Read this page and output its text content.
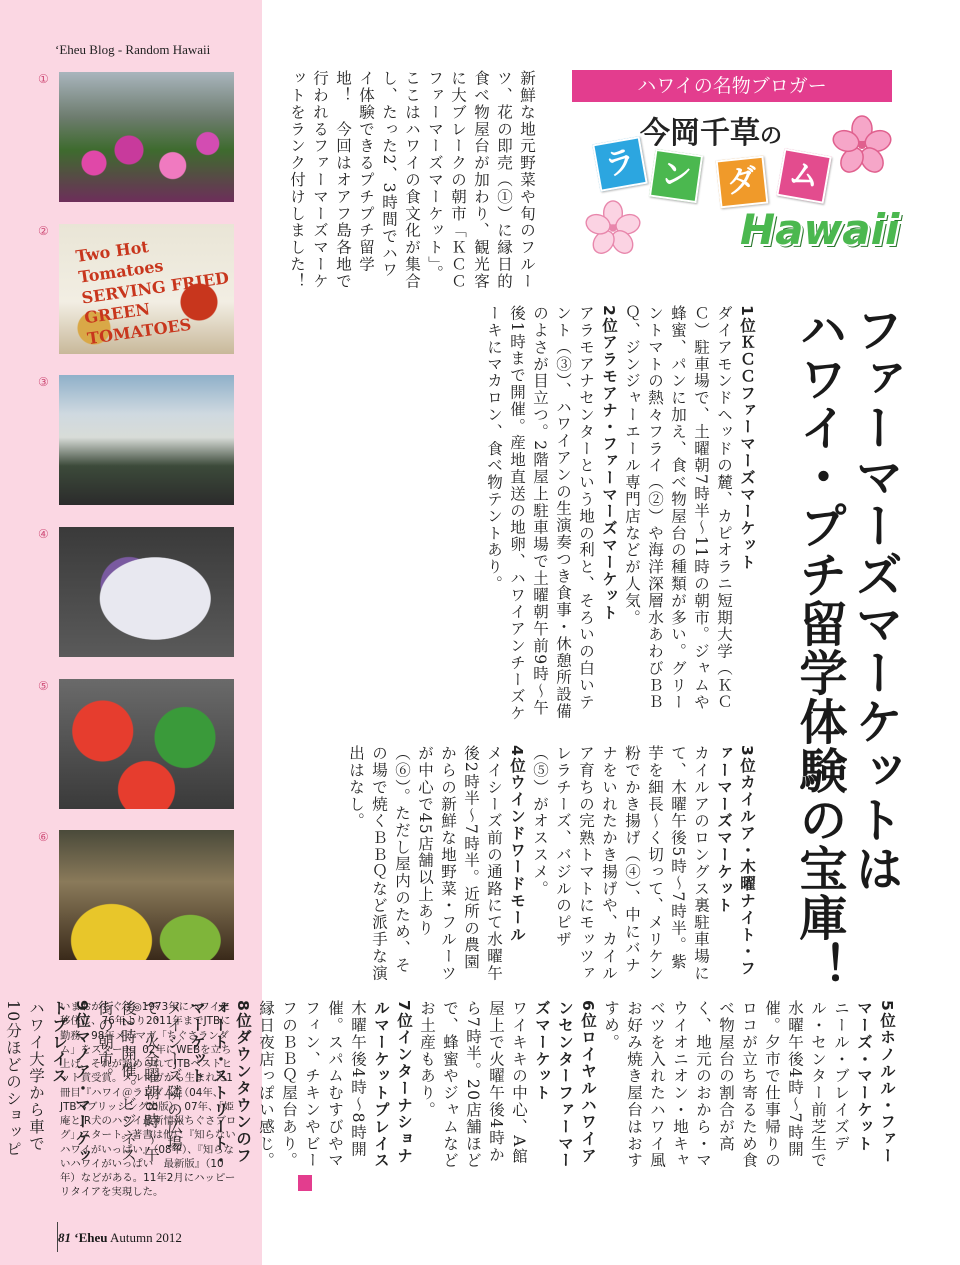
‘Eheu Blog - Random Hawaii
①
②
Two Hot Tomatoes SERVING FRIED GREEN TOMATOES
③
④
⑤
⑥
いまおかちぐさ◎1973年にハワイに移住し、76年より2011年までJTBに勤務。98年メルマガ「ちぐさランダム」をスタート、02年にWEBを立ち上げ、それが認められてJTBベストヒット賞受賞。メルマガから生まれた1冊目『ハワイ＠ランダム』（04年、JTBパブリッシング出版）、07年、「姫庵とJR犬のハワイ最新情報ちぐさブログ」スタート。著書は他に『知らないハワイがいっぱい』（08年）、『知らないハワイがいっぱい　最新版』（10年）などがある。11年2月にハッピーリタイアを実現した。
81 ‘Eheu Autumn 2012
ハワイの名物ブロガー
今岡千草の
ラ ン	ダ ム
Hawaii
ファーマーズマーケットは
ハワイ・プチ留学体験の宝庫！
新鮮な地元野菜や旬のフルーツ、花の即売（①）に縁日的食べ物屋台が加わり、観光客に大ブレークの朝市「ＫＣＣファーマーズマーケット」。ここはハワイの食文化が集合し、たった2、3時間でハワイ体験できるプチプチ留学地！　今回はオアフ島各地で行われるファーマーズマーケットをランク付けしました！

1位ＫＣＣファーマーズマーケット

ダイアモンドヘッドの麓、カピオラニ短期大学（ＫＣＣ）駐車場で、土曜朝7時半～11時の朝市。ジャムや蜂蜜、パンに加え、食べ物屋台の種類が多い。グリーントマトの熱々フライ（②）や海洋深層水あわびＢＢＱ、ジンジャーエール専門店などが人気。

2位アラモアナ・ファーマーズマーケット

アラモアナセンターという地の利と、そろいの白いテント（③）、ハワイアンの生演奏つき食事・休憩所設備のよさが目立つ。2階屋上駐車場で土曜朝午前9時～午後1時まで開催。産地直送の地卵、ハワイアンチーズケーキにマカロン、食べ物テントあり。

3位カイルア・木曜ナイト・ファーマーズマーケット

カイルアのロングス裏駐車場にて、木曜午後5時～7時半。紫芋を細長～く切って、メリケン粉でかき揚げ（④）、中にバナナをいれたかき揚げや、カイルア育ちの完熟トマトにモッツァレラチーズ、バジルのピザ（⑤）がオススメ。

4位ウインドワードモール

メイシーズ前の通路にて水曜午後2時半～7時半。近所の農園からの新鮮な地野菜・フルーツが中心で45店舗以上あり（⑥）。ただし屋内のため、その場で焼くＢＢＱなど派手な演出はなし。

5位ホノルル・ファーマーズ・マーケット

ニール・ブレイズデル・センター前芝生で水曜午後4時～7時開催。夕市で仕事帰りのロコが立ち寄るため食べ物屋台の割合が高く、地元のおから・マウイオニオン・地キャベツを入れたハワイ風お好み焼き屋台はおすすめ。

6位ロイヤルハワイアンセンターファーマーズマーケット

ワイキキの中心、A館屋上で火曜午後4時から7時半。20店舗ほどで、蜂蜜やジャムなどお土産もあり。

7位インターナショナルマーケットプレイス

木曜午後4時～8時開催。スパムむすびやマフィン、チキンやビーフのＢＢＱ屋台あり。縁日夜店っぽい感じ。

8位ダウンタウンのフォート・ストリート・マーケット

メイシーズ隣の広場で、火金曜朝8時～午後2時開催。ビジネス街の朝市。

9位マノア・マーケットプレイス

ハワイ大学から車で10分ほどのショッピ
